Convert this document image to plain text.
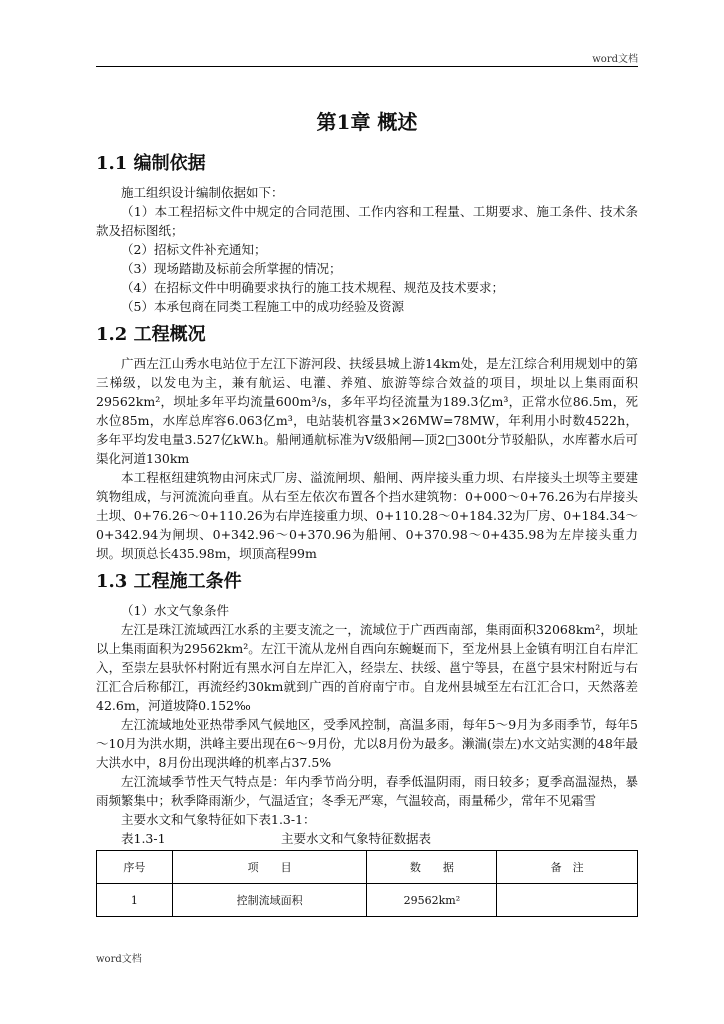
word文档
第1章 概述
1.1 编制依据

施工组织设计编制依据如下：

（1）本工程招标文件中规定的合同范围、工作内容和工程量、工期要求、施工条件、技术条款及招标图纸；

（2）招标文件补充通知；

（3）现场踏勘及标前会所掌握的情况；

（4）在招标文件中明确要求执行的施工技术规程、规范及技术要求；

（5）本承包商在同类工程施工中的成功经验及资源

1.2 工程概况

广西左江山秀水电站位于左江下游河段、扶绥县城上游14km处，是左江综合利用规划中的第三梯级，以发电为主，兼有航运、电灌、养殖、旅游等综合效益的项目，坝址以上集雨面积29562km²，坝址多年平均流量600m³/s，多年平均径流量为189.3亿m³，正常水位86.5m，死水位85m，水库总库容6.063亿m³，电站装机容量3×26MW=78MW，年利用小时数4522h，多年平均发电量3.527亿kW.h。船闸通航标准为Ⅴ级船闸—顶2□300t分节驳船队，水库蓄水后可渠化河道130km

本工程枢纽建筑物由河床式厂房、溢流闸坝、船闸、两岸接头重力坝、右岸接头土坝等主要建筑物组成，与河流流向垂直。从右至左依次布置各个挡水建筑物：0+000～0+76.26为右岸接头土坝、0+76.26～0+110.26为右岸连接重力坝、0+110.28～0+184.32为厂房、0+184.34～0+342.94为闸坝、0+342.96～0+370.96为船闸、0+370.98～0+435.98为左岸接头重力坝。坝顶总长435.98m，坝顶高程99m

1.3 工程施工条件

（1）水文气象条件

左江是珠江流域西江水系的主要支流之一，流域位于广西西南部，集雨面积32068km²，坝址以上集雨面积为29562km²。左江干流从龙州自西向东蜿蜒而下，至龙州县上金镇有明江自右岸汇入，至崇左县驮怀村附近有黑水河自左岸汇入，经崇左、扶绥、邕宁等县，在邕宁县宋村附近与右江汇合后称郁江，再流经约30km就到广西的首府南宁市。自龙州县城至左右江汇合口，天然落差42.6m，河道坡降0.152‰

左江流域地处亚热带季风气候地区，受季风控制，高温多雨，每年5～9月为多雨季节，每年5～10月为洪水期，洪峰主要出现在6～9月份，尤以8月份为最多。濑湍(崇左)水文站实测的48年最大洪水中，8月份出现洪峰的机率占37.5%

左江流域季节性天气特点是：年内季节尚分明，春季低温阴雨，雨日较多；夏季高温湿热，暴雨频繁集中；秋季降雨渐少，气温适宜；冬季无严寒，气温较高，雨量稀少，常年不见霜雪

主要水文和气象特征如下表1.3-1：

表1.3-1	主要水文和气象特征数据表
序号	项　　目	数　　据	备　注
1	控制流域面积	29562km²	
word文档
